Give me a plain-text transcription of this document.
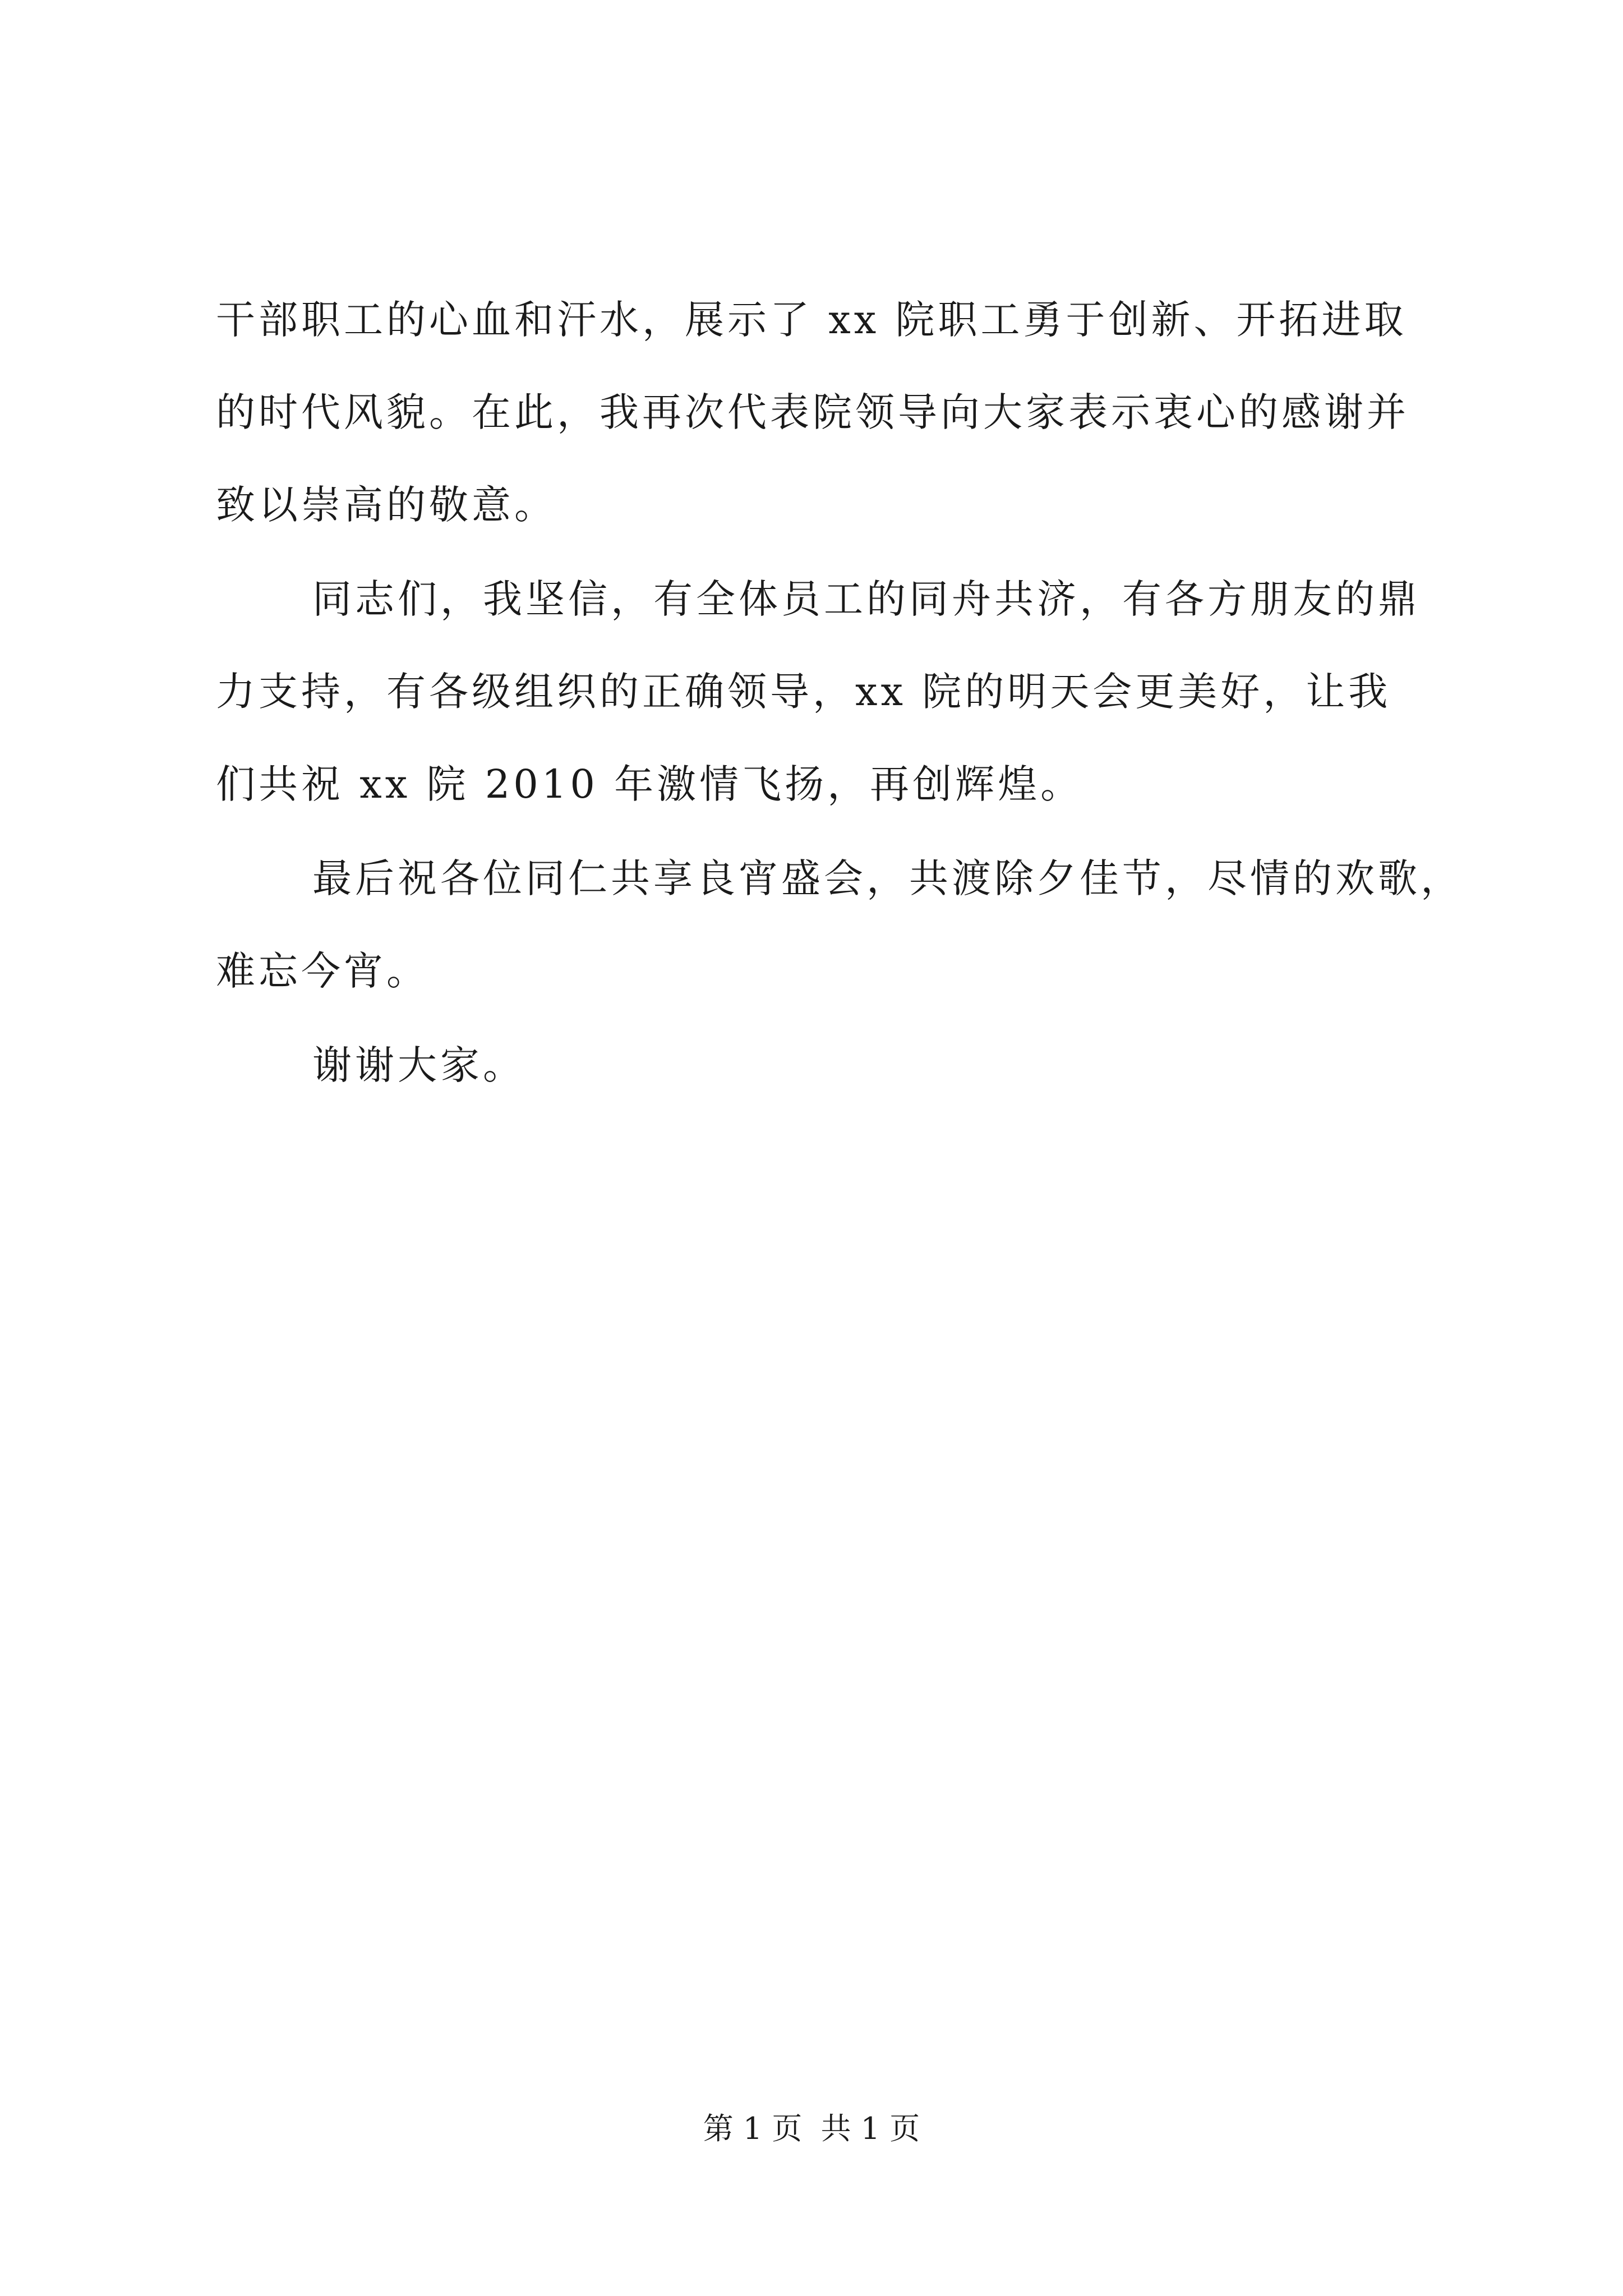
干部职工的心血和汗水，展示了 xx 院职工勇于创新、开拓进取
的时代风貌。在此，我再次代表院领导向大家表示衷心的感谢并
致以崇高的敬意。
同志们，我坚信，有全体员工的同舟共济，有各方朋友的鼎
力支持，有各级组织的正确领导，xx 院的明天会更美好，让我
们共祝 xx 院 2010 年激情飞扬，再创辉煌。
最后祝各位同仁共享良宵盛会，共渡除夕佳节，尽情的欢歌，
难忘今宵。
谢谢大家。
第 1 页 共 1 页
